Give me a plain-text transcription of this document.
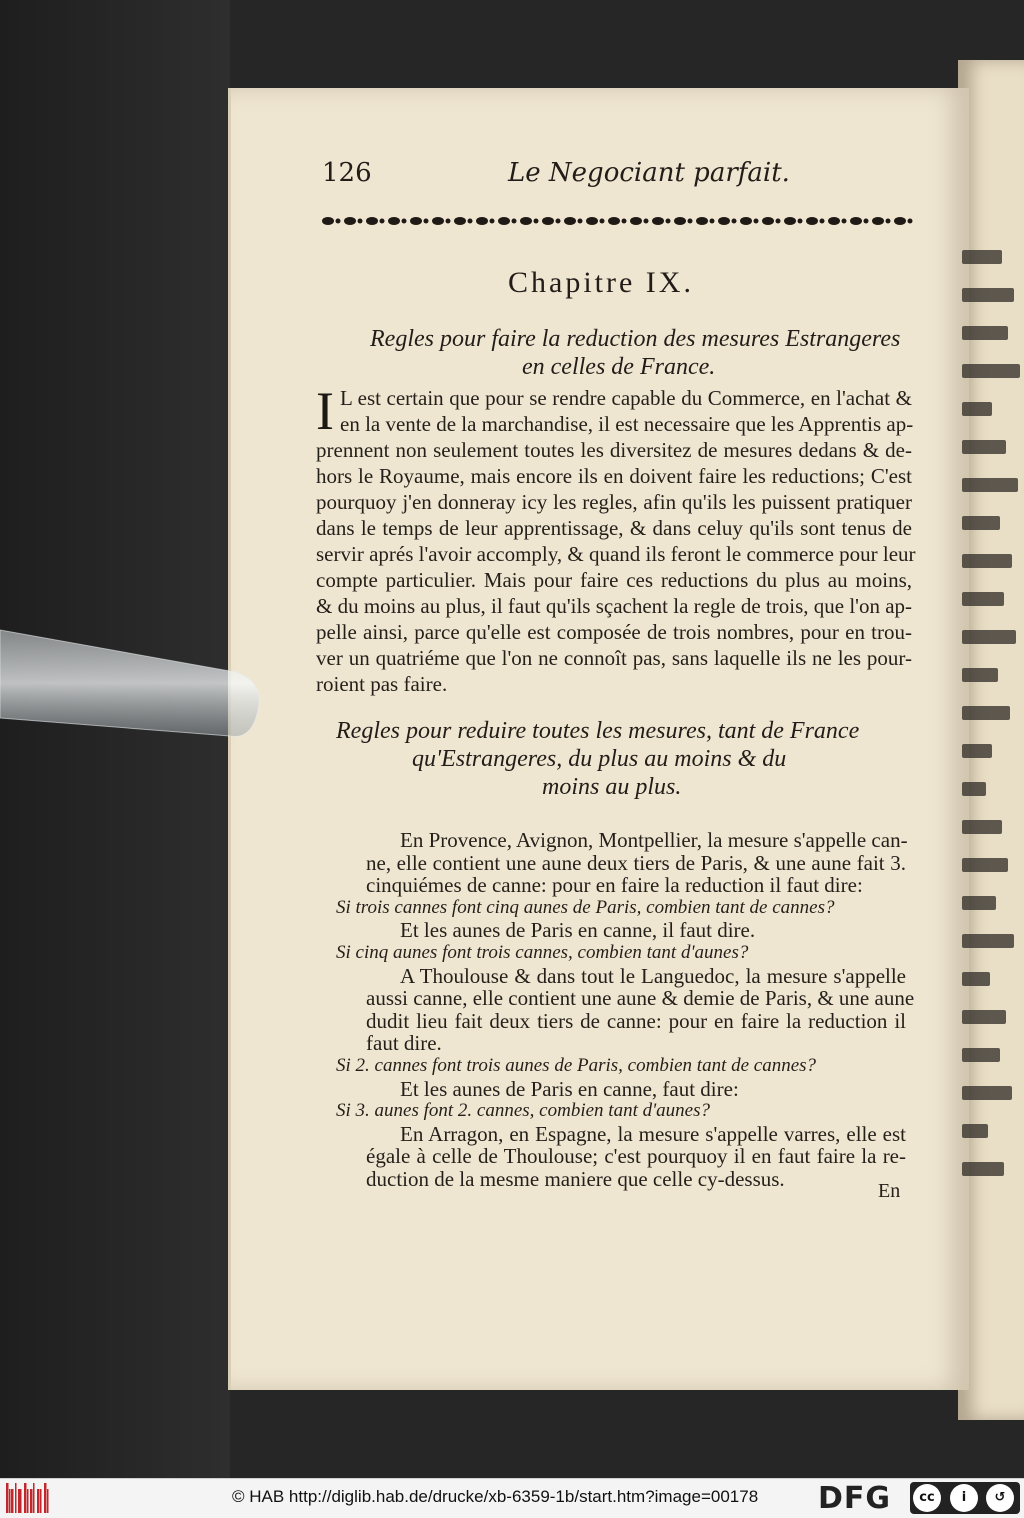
126	Le Negociant parfait.
Chapitre IX.
Regles pour faire la reduction des mesures Estrangeres
en celles de France.
I L est certain que pour se rendre capable du Commerce, en l'achat &
en la vente de la marchandise, il est necessaire que les Apprentis ap-
prennent non seulement toutes les diversitez de mesures dedans & de-
hors le Royaume, mais encore ils en doivent faire les reductions; C'est
pourquoy j'en donneray icy les regles, afin qu'ils les puissent pratiquer
dans le temps de leur apprentissage, & dans celuy qu'ils sont tenus de
servir aprés l'avoir accomply, & quand ils feront le commerce pour leur
compte particulier. Mais pour faire ces reductions du plus au moins,
& du moins au plus, il faut qu'ils sçachent la regle de trois, que l'on ap-
pelle ainsi, parce qu'elle est composée de trois nombres, pour en trou-
ver un quatriéme que l'on ne connoît pas, sans laquelle ils ne les pour-
roient pas faire.
Regles pour reduire toutes les mesures, tant de France
qu'Estrangeres, du plus au moins & du
moins au plus.
En Provence, Avignon, Montpellier, la mesure s'appelle can-
ne, elle contient une aune deux tiers de Paris, & une aune fait 3.
cinquiémes de canne: pour en faire la reduction il faut dire:
Si trois cannes font cinq aunes de Paris, combien tant de cannes?
Et les aunes de Paris en canne, il faut dire.
Si cinq aunes font trois cannes, combien tant d'aunes?
A Thoulouse & dans tout le Languedoc, la mesure s'appelle
aussi canne, elle contient une aune & demie de Paris, & une aune
dudit lieu fait deux tiers de canne: pour en faire la reduction il
faut dire.
Si 2. cannes font trois aunes de Paris, combien tant de cannes?
Et les aunes de Paris en canne, faut dire:
Si 3. aunes font 2. cannes, combien tant d'aunes?
En Arragon, en Espagne, la mesure s'appelle varres, elle est
égale à celle de Thoulouse; c'est pourquoy il en faut faire la re-
duction de la mesme maniere que celle cy-dessus.	En
© HAB http://diglib.hab.de/drucke/xb-6359-1b/start.htm?image=00178 DFG	cc	i	↺
BY	SA
